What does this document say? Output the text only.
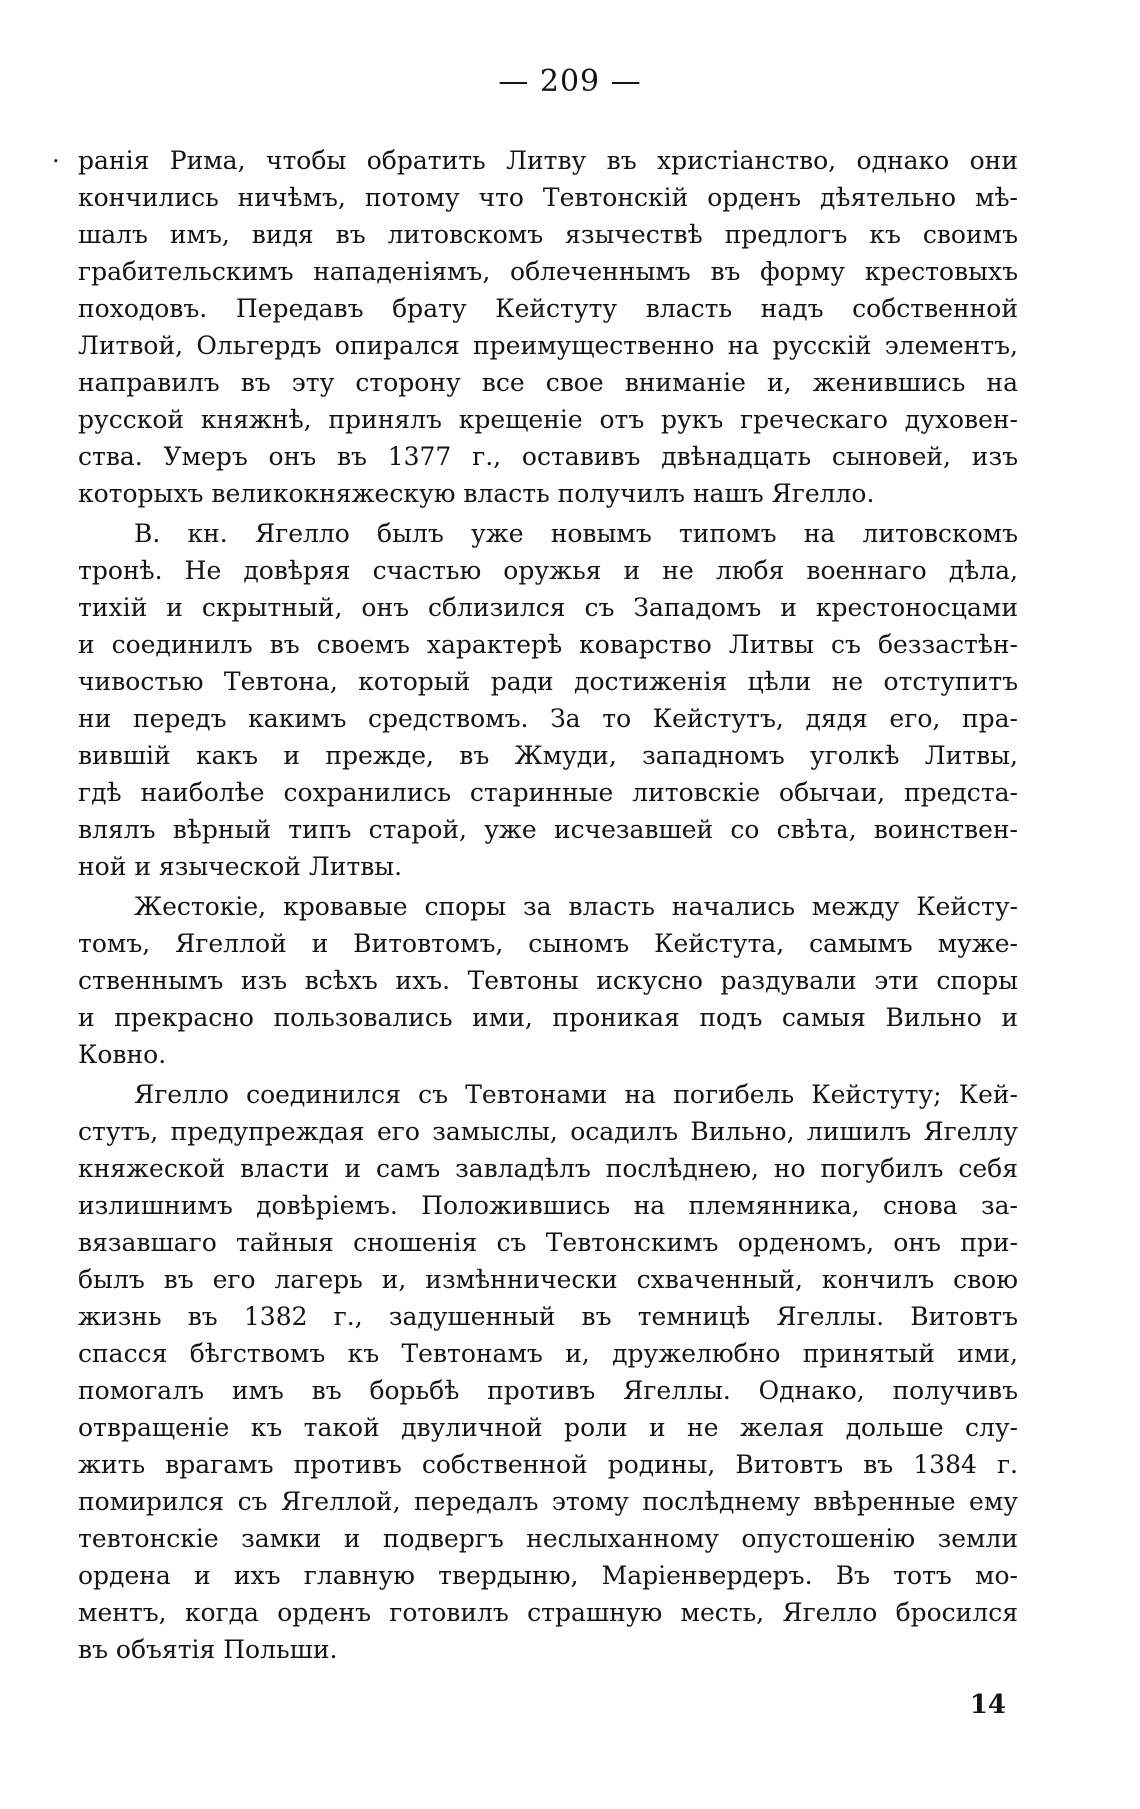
— 209 —
. ранія Рима, чтобы обратить Литву въ христіанство, однако они
кончились ничѣмъ, потому что Тевтонскій орденъ дѣятельно мѣ-
шалъ имъ, видя въ литовскомъ язычествѣ предлогъ къ своимъ
грабительскимъ нападеніямъ, облеченнымъ въ форму крестовыхъ
походовъ. Передавъ брату Кейстуту власть надъ собственной
Литвой, Ольгердъ опирался преимущественно на русскій элементъ,
направилъ въ эту сторону все свое вниманіе и, женившись на
русской княжнѣ, принялъ крещеніе отъ рукъ греческаго духовен-
ства. Умеръ онъ въ 1377 г., оставивъ двѣнадцать сыновей, изъ
которыхъ великокняжескую власть получилъ нашъ Ягелло.
В. кн. Ягелло былъ уже новымъ типомъ на литовскомъ
тронѣ. Не довѣряя счастью оружья и не любя военнаго дѣла,
тихій и скрытный, онъ сблизился съ Западомъ и крестоносцами
и соединилъ въ своемъ характерѣ коварство Литвы съ беззастѣн-
чивостью Тевтона, который ради достиженія цѣли не отступитъ
ни передъ какимъ средствомъ. За то Кейстутъ, дядя его, пра-
вившій какъ и прежде, въ Жмуди, западномъ уголкѣ Литвы,
гдѣ наиболѣе сохранились старинные литовскіе обычаи, предста-
влялъ вѣрный типъ старой, уже исчезавшей со свѣта, воинствен-
ной и языческой Литвы.
Жестокіе, кровавые споры за власть начались между Кейсту-
томъ, Ягеллой и Витовтомъ, сыномъ Кейстута, самымъ муже-
ственнымъ изъ всѣхъ ихъ. Тевтоны искусно раздували эти споры
и прекрасно пользовались ими, проникая подъ самыя Вильно и
Ковно.
Ягелло соединился съ Тевтонами на погибель Кейстуту; Кей-
стутъ, предупреждая его замыслы, осадилъ Вильно, лишилъ Ягеллу
княжеской власти и самъ завладѣлъ послѣднею, но погубилъ себя
излишнимъ довѣріемъ. Положившись на племянника, снова за-
вязавшаго тайныя сношенія съ Тевтонскимъ орденомъ, онъ при-
былъ въ его лагерь и, измѣннически схваченный, кончилъ свою
жизнь въ 1382 г., задушенный въ темницѣ Ягеллы. Витовтъ
спасся бѣгствомъ къ Тевтонамъ и, дружелюбно принятый ими,
помогалъ имъ въ борьбѣ противъ Ягеллы. Однако, получивъ
отвращеніе къ такой двуличной роли и не желая дольше слу-
жить врагамъ противъ собственной родины, Витовтъ въ 1384 г.
помирился съ Ягеллой, передалъ этому послѣднему ввѣренные ему
тевтонскіе замки и подвергъ неслыханному опустошенію земли
ордена и ихъ главную твердыню, Маріенвердеръ. Въ тотъ мо-
ментъ, когда орденъ готовилъ страшную месть, Ягелло бросился
въ объятія Польши.
14
